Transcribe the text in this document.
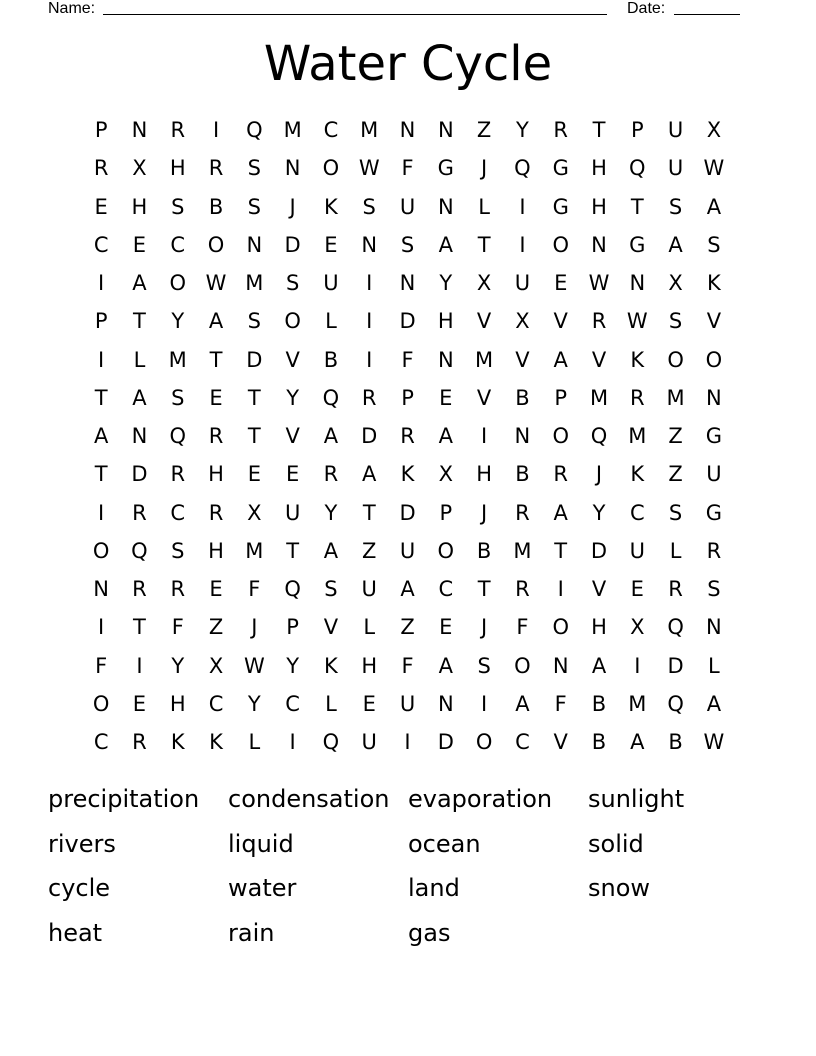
Name:	Date:
Water Cycle
P	N	R	I	Q M	C	M	N	N	Z	Y	R	T	P	U	X
R	X	H	R	S	N	O W	F	G	J	Q	G	H	Q	U W
E	H	S	B	S	J	K	S	U	N	L	I	G	H	T	S	A
C	E	C	O	N	D	E	N	S	A	T	I	O	N	G	A	S
I	A	O W M	S	U	I	N	Y	X	U	E	W N	X	K
P	T	Y	A	S	O	L	I	D	H	V	X	V	R W	S	V
I	L	M	T	D	V	B	I	F	N	M	V	A	V	K	O	O
T	A	S	E	T	Y	Q	R	P	E	V	B	P	M	R	M	N
A	N	Q	R	T	V	A	D	R	A	I	N	O	Q M	Z	G
T	D	R	H	E	E	R	A	K	X	H	B	R	J	K	Z	U
I	R	C	R	X	U	Y	T	D	P	J	R	A	Y	C	S	G
O	Q	S	H	M	T	A	Z	U	O	B	M	T	D	U	L	R
N	R	R	E	F	Q	S	U	A	C	T	R	I	V	E	R	S
I	T	F	Z	J	P	V	L	Z	E	J	F	O	H	X	Q	N
F	I	Y	X W	Y	K	H	F	A	S	O	N	A	I	D	L
O	E	H	C	Y	C	L	E	U	N	I	A	F	B	M Q	A
C	R	K	K	L	I	Q	U	I	D	O	C	V	B	A	B W
precipitation	condensation evaporation	sunlight
rivers	liquid	ocean	solid
cycle	water	land	snow
heat	rain	gas
